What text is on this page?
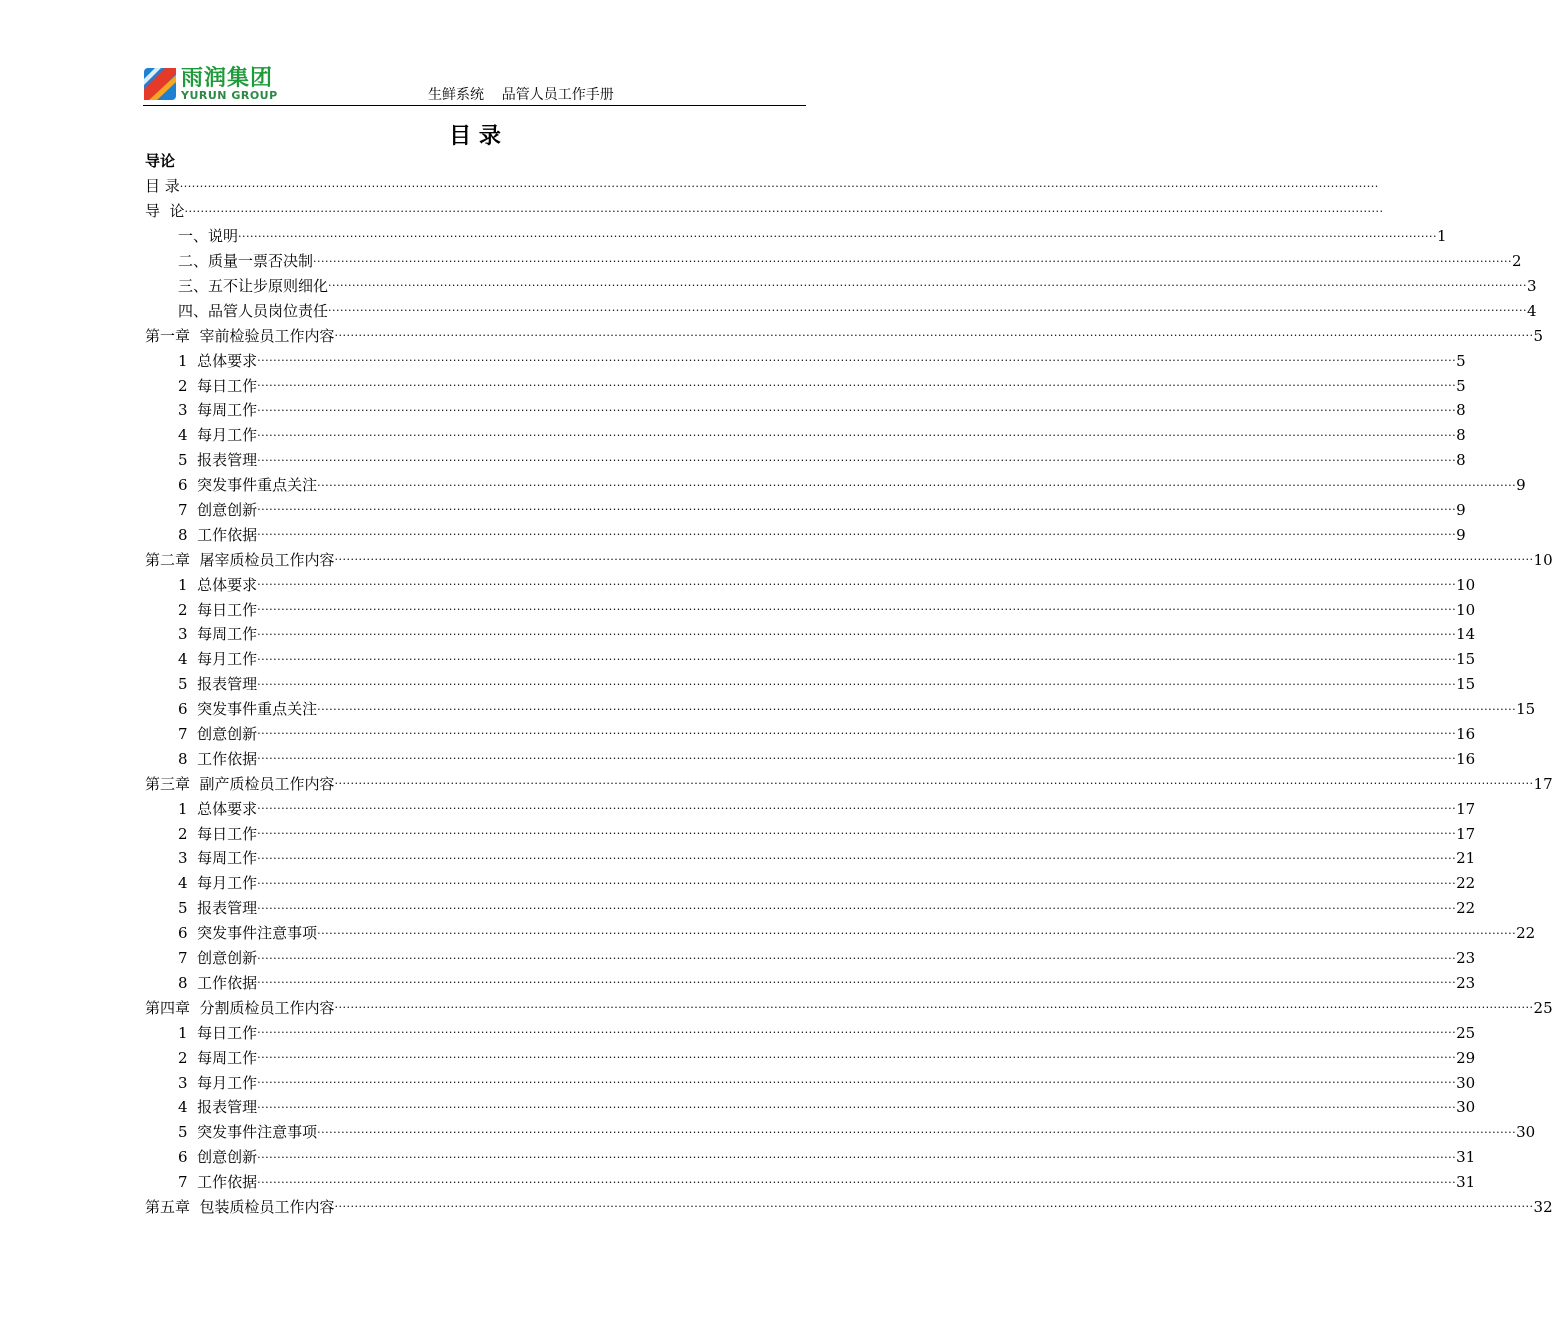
雨润集团
YURUN GROUP	生鲜系统    品管人员工作手册
目 录
导论
目 录 ............................................................................................................................................................................................................................................................................................................
导  论 ............................................................................................................................................................................................................................................................................................................
一、说明 ............................................................................................................................................................................................................................................................................................................ 1
二、质量一票否决制 ............................................................................................................................................................................................................................................................................................................ 2
三、五不让步原则细化 ............................................................................................................................................................................................................................................................................................................ 3
四、品管人员岗位责任 ............................................................................................................................................................................................................................................................................................................ 4
第一章  宰前检验员工作内容 ............................................................................................................................................................................................................................................................................................................ 5
1  总体要求 ............................................................................................................................................................................................................................................................................................................ 5
2  每日工作 ............................................................................................................................................................................................................................................................................................................ 5
3  每周工作 ............................................................................................................................................................................................................................................................................................................ 8
4  每月工作 ............................................................................................................................................................................................................................................................................................................ 8
5  报表管理 ............................................................................................................................................................................................................................................................................................................ 8
6  突发事件重点关注 ............................................................................................................................................................................................................................................................................................................ 9
7  创意创新 ............................................................................................................................................................................................................................................................................................................ 9
8  工作依据 ............................................................................................................................................................................................................................................................................................................ 9
第二章  屠宰质检员工作内容 ............................................................................................................................................................................................................................................................................................................ 10
1  总体要求 ............................................................................................................................................................................................................................................................................................................ 10
2  每日工作 ............................................................................................................................................................................................................................................................................................................ 10
3  每周工作 ............................................................................................................................................................................................................................................................................................................ 14
4  每月工作 ............................................................................................................................................................................................................................................................................................................ 15
5  报表管理 ............................................................................................................................................................................................................................................................................................................ 15
6  突发事件重点关注 ............................................................................................................................................................................................................................................................................................................ 15
7  创意创新 ............................................................................................................................................................................................................................................................................................................ 16
8  工作依据 ............................................................................................................................................................................................................................................................................................................ 16
第三章  副产质检员工作内容 ............................................................................................................................................................................................................................................................................................................ 17
1  总体要求 ............................................................................................................................................................................................................................................................................................................ 17
2  每日工作 ............................................................................................................................................................................................................................................................................................................ 17
3  每周工作 ............................................................................................................................................................................................................................................................................................................ 21
4  每月工作 ............................................................................................................................................................................................................................................................................................................ 22
5  报表管理 ............................................................................................................................................................................................................................................................................................................ 22
6  突发事件注意事项 ............................................................................................................................................................................................................................................................................................................ 22
7  创意创新 ............................................................................................................................................................................................................................................................................................................ 23
8  工作依据 ............................................................................................................................................................................................................................................................................................................ 23
第四章  分割质检员工作内容 ............................................................................................................................................................................................................................................................................................................ 25
1  每日工作 ............................................................................................................................................................................................................................................................................................................ 25
2  每周工作 ............................................................................................................................................................................................................................................................................................................ 29
3  每月工作 ............................................................................................................................................................................................................................................................................................................ 30
4  报表管理 ............................................................................................................................................................................................................................................................................................................ 30
5  突发事件注意事项 ............................................................................................................................................................................................................................................................................................................ 30
6  创意创新 ............................................................................................................................................................................................................................................................................................................ 31
7  工作依据 ............................................................................................................................................................................................................................................................................................................ 31
第五章  包装质检员工作内容 ............................................................................................................................................................................................................................................................................................................ 32
